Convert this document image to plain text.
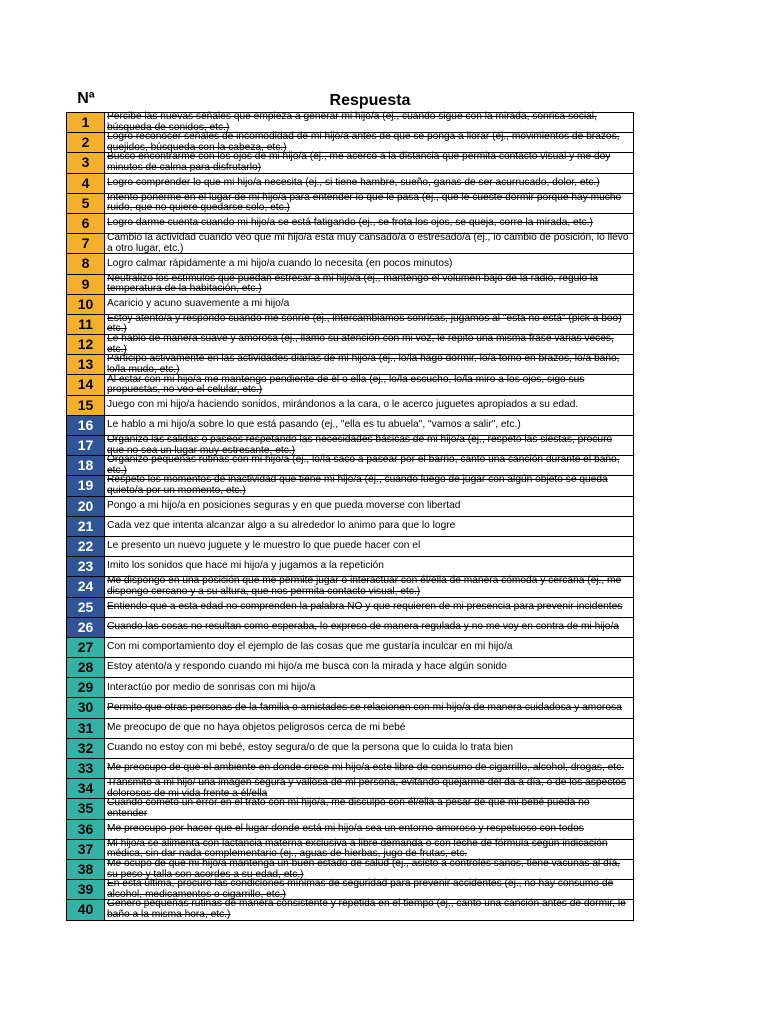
Nª	Respuesta
1	Percibe las nuevas señales que empieza a generar mi hijo/a (ej., cuando sigue con la mirada, sonrisa social, búsqueda de sonidos, etc.)
2	Logro reconocer señales de incomodidad de mi hijo/a antes de que se ponga a llorar (ej., movimientos de brazos, quejidos, búsqueda con la cabeza, etc.)
3	Busco encontrarme con los ojos de mi hijo/a (ej., me acerco a la distancia que permita contacto visual y me doy minutos de calma para disfrutarlo)
4	Logro comprender lo que mi hijo/a necesita (ej., si tiene hambre, sueño, ganas de ser acurrucado, dolor, etc.)
5	Intento ponerme en el lugar de mi hijo/a para entender lo que le pasa (ej., que le cueste dormir porque hay mucho ruido, que no quiere quedarse solo, etc.)
6	Logro darme cuenta cuando mi hijo/a se está fatigando (ej., se frota los ojos, se queja, corre la mirada, etc.)
7	Cambio la actividad cuando veo que mi hijo/a esta muy cansado/a o estresado/a (ej., lo cambio de posición, lo llevo a otro lugar, etc.)
8	Logro calmar rápidamente a mi hijo/a cuando lo necesita (en pocos minutos)
9	Neutralizo los estímulos que puedan estresar a mi hijo/a (ej., mantengo el volumen bajo de la radio, regulo la temperatura de la habitación, etc.)
10	Acaricio y acuno suavemente a mi hijo/a
11	Estoy atento/a y respondo cuando me sonríe (ej., intercambiamos sonrisas, jugamos al "esta no está" (pick a boo) etc.)
12	Le hablo de manera suave y amorosa (ej., llamo su atención con mi voz, le repito una misma frase varias veces, etc.)
13	Participo activamente en las actividades diarias de mi hijo/a (ej., lo/la hago dormir, lo/a tomo en brazos, lo/a baño, lo/la mudo, etc.)
14	Al estar con mi hijo/a me mantengo pendiente de él o ella (ej., lo/la escucho, lo/la miro a los ojos, sigo sus propuestas, no veo el celular, etc.)
15	Juego con mi hijo/a haciendo sonidos, mirándonos a la cara, o le acerco juguetes apropiados a su edad.
16	Le hablo a mi hijo/a sobre lo que está pasando (ej., "ella es tu abuela", "vamos a salir", etc.)
17	Organizo las salidas o paseos respetando las necesidades básicas de mi hijo/a (ej., respeto las siestas, procuro que no sea un lugar muy estresante, etc.)
18	Organizo pequeñas rutinas con mi hijo/a (ej., lo/la saco a pasear por el barrio, canto una canción durante el baño, etc.)
19	Respeto los momentos de inactividad que tiene mi hijo/a (ej., cuando luego de jugar con algún objeto se queda quieto/a por un momento, etc.)
20	Pongo a mi hijo/a en posiciones seguras y en que pueda moverse con libertad
21	Cada vez que intenta alcanzar algo a su alrededor lo animo para que lo logre
22	Le presento un nuevo juguete y le muestro lo que puede hacer con el
23	Imito los sonidos que hace mi hijo/a y jugamos a la repetición
24	Me dispongo en una posición que me permite jugar o interactuar con él/ella de manera cómoda y cercana (ej., me dispongo cercano y a su altura, que nos permita contacto visual, etc.)
25	Entiendo que a esta edad no comprenden la palabra NO y que requieren de mi presencia para prevenir incidentes
26	Cuando las cosas no resultan como esperaba, lo expreso de manera regulada y no me voy en contra de mi hijo/a
27	Con mi comportamiento doy el ejemplo de las cosas que me gustaría inculcar en mi hijo/a
28	Estoy atento/a y respondo cuando mi hijo/a me busca con la mirada y hace algún sonido
29	Interactúo por medio de sonrisas con mi hijo/a
30	Permito que otras personas de la familia o amistades se relacionen con mi hijo/a de manera cuidadosa y amorosa
31	Me preocupo de que no haya objetos peligrosos cerca de mi bebé
32	Cuando no estoy con mi bebé, estoy segura/o de que la persona que lo cuida lo trata bien
33	Me preocupo de que el ambiente en donde crece mi hijo/a este libre de consumo de cigarrillo, alcohol, drogas, etc.
34	Transmito a mi hijo/ una imagen segura y valiosa de mi persona, evitando quejarme del da a día, o de los aspectos dolorosos de mi vida frente a él/ella
35	Cuando cometo un error en el trato con mi hijo/a, me disculpo con él/ella a pesar de que mi bebé pueda no entender
36	Me preocupo por hacer que el lugar donde está mi hijo/a sea un entorno amoroso y respetuoso con todos
37	Mi hijo/a se alimenta con lactancia materna exclusiva a libre demanda o con leche de fórmula según indicación médica, sin dar nada complementario (ej., aguas de hierbas, jugo de frutas, etc.
38	Me ocupo de que mi hijo/a mantenga un buen estado de salud (ej., asisto a controles sanos, tiene vacunas al día, su peso y talla son acordes a su edad, etc.)
39	En esta última, procuro las condiciones mínimas de seguridad para prevenir accidentes (ej., no hay consumo de alcohol, medicamentos o cigarrillo, etc.)
40	Genero pequeñas rutinas de manera consistente y repetida en el tiempo (ej., canto una canción antes de dormir, le baño a la misma hora, etc.)
